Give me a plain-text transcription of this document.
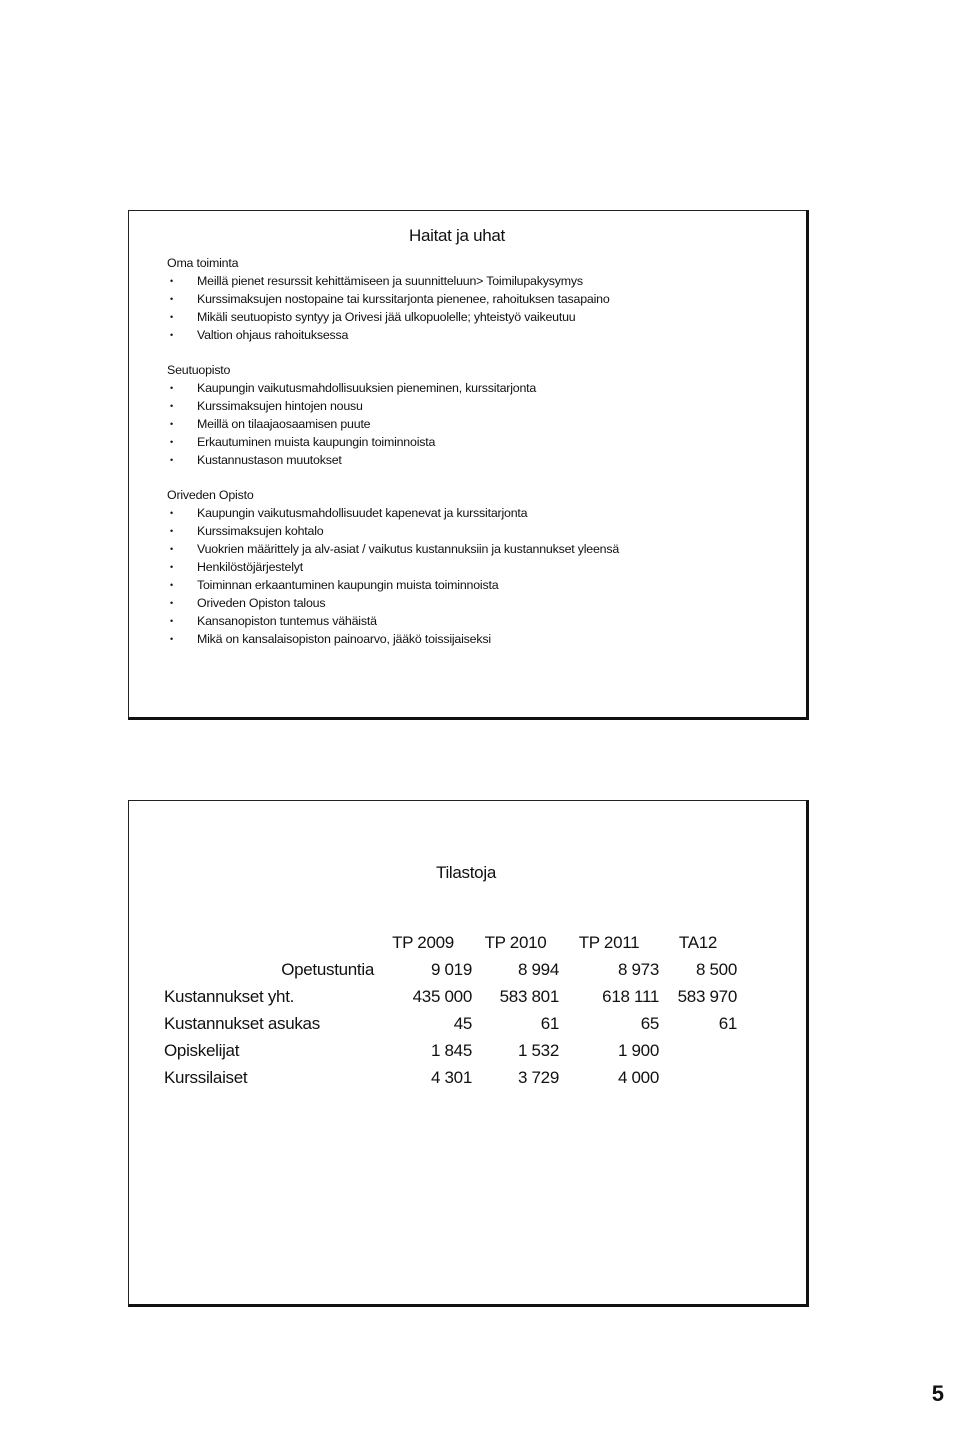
Haitat ja uhat

Oma toiminta

• Meillä pienet resurssit kehittämiseen ja suunnitteluun> Toimilupakysymys
• Kurssimaksujen nostopaine tai kurssitarjonta pienenee, rahoituksen tasapaino
• Mikäli seutuopisto syntyy ja Orivesi jää ulkopuolelle; yhteistyö vaikeutuu
• Valtion ohjaus rahoituksessa

Seutuopisto

• Kaupungin vaikutusmahdollisuuksien pieneminen, kurssitarjonta
• Kurssimaksujen hintojen nousu
• Meillä on tilaajaosaamisen puute
• Erkautuminen muista kaupungin toiminnoista
• Kustannustason muutokset

Oriveden Opisto

• Kaupungin vaikutusmahdollisuudet kapenevat ja kurssitarjonta
• Kurssimaksujen kohtalo
• Vuokrien määrittely ja alv-asiat / vaikutus kustannuksiin ja kustannukset yleensä
• Henkilöstöjärjestelyt
• Toiminnan erkaantuminen kaupungin muista toiminnoista
• Oriveden Opiston talous
• Kansanopiston tuntemus vähäistä
• Mikä on kansalaisopiston painoarvo, jääkö toissijaiseksi
Tilastoja
	TP 2009	TP 2010	TP 2011	TA12
Opetustuntia	9 019	8 994	8 973	8 500
Kustannukset yht.	435 000	583 801	618 111	583 970
Kustannukset asukas	45	61	65	61
Opiskelijat	1 845	1 532	1 900	
Kurssilaiset	4 301	3 729	4 000	
5
